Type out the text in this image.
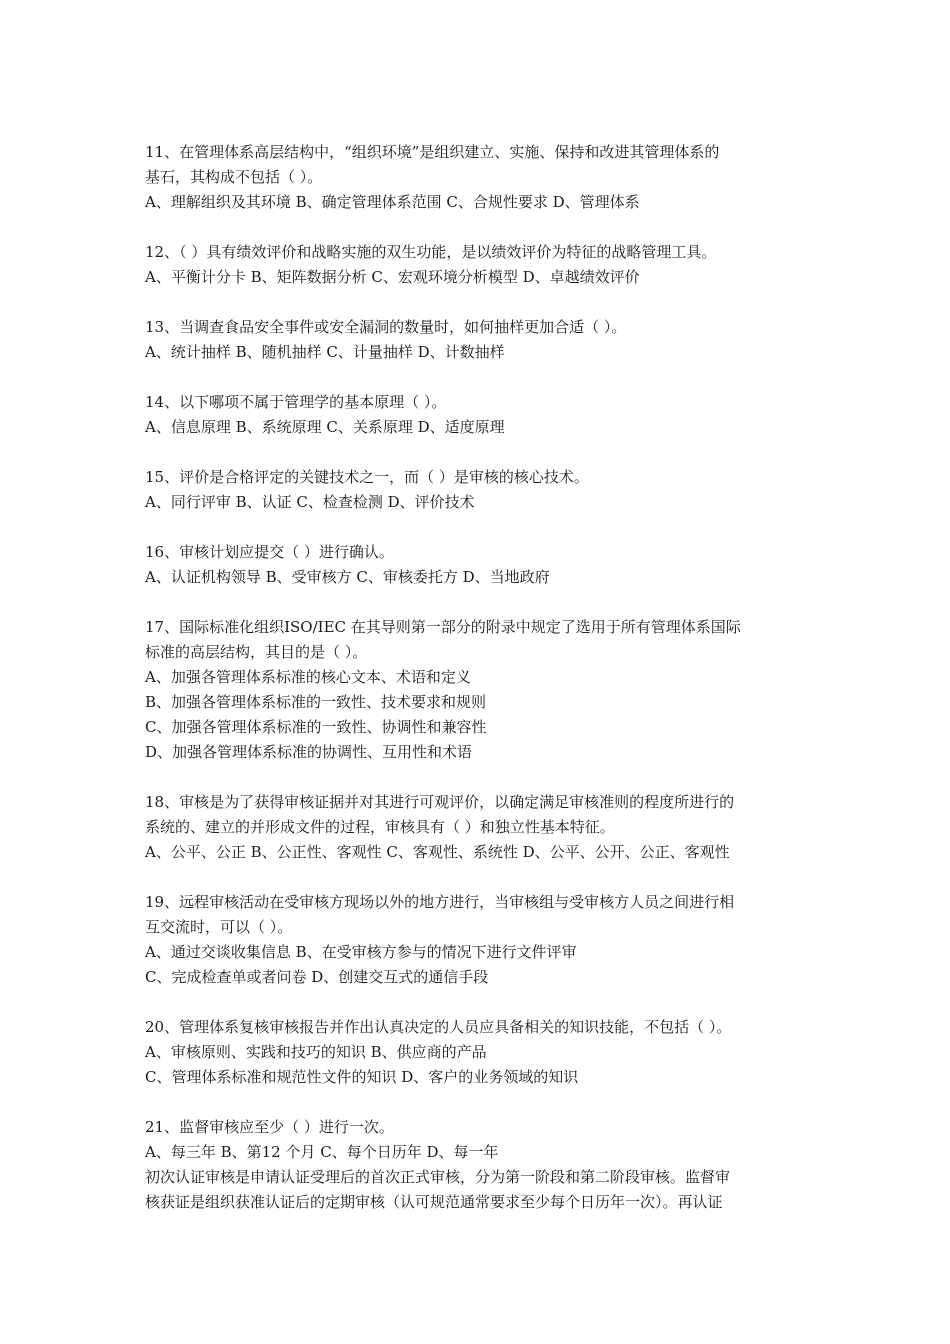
11、在管理体系高层结构中，“组织环境”是组织建立、实施、保持和改进其管理体系的
基石，其构成不包括（ ）。
A、理解组织及其环境 B、确定管理体系范围 C、合规性要求 D、管理体系
12、（ ）具有绩效评价和战略实施的双生功能，是以绩效评价为特征的战略管理工具。
A、平衡计分卡 B、矩阵数据分析 C、宏观环境分析模型 D、卓越绩效评价
13、当调查食品安全事件或安全漏洞的数量时，如何抽样更加合适（ ）。
A、统计抽样 B、随机抽样 C、计量抽样 D、计数抽样
14、以下哪项不属于管理学的基本原理（ ）。
A、信息原理 B、系统原理 C、关系原理 D、适度原理
15、评价是合格评定的关键技术之一，而（ ）是审核的核心技术。
A、同行评审 B、认证 C、检查检测 D、评价技术
16、审核计划应提交（ ）进行确认。
A、认证机构领导 B、受审核方 C、审核委托方 D、当地政府
17、国际标准化组织ISO/IEC 在其导则第一部分的附录中规定了选用于所有管理体系国际
标准的高层结构，其目的是（ ）。
A、加强各管理体系标准的核心文本、术语和定义
B、加强各管理体系标准的一致性、技术要求和规则
C、加强各管理体系标准的一致性、协调性和兼容性
D、加强各管理体系标准的协调性、互用性和术语
18、审核是为了获得审核证据并对其进行可观评价，以确定满足审核准则的程度所进行的
系统的、建立的并形成文件的过程，审核具有（ ）和独立性基本特征。
A、公平、公正 B、公正性、客观性 C、客观性、系统性 D、公平、公开、公正、客观性
19、远程审核活动在受审核方现场以外的地方进行，当审核组与受审核方人员之间进行相
互交流时，可以（ ）。
A、通过交谈收集信息 B、在受审核方参与的情况下进行文件评审
C、完成检查单或者问卷 D、创建交互式的通信手段
20、管理体系复核审核报告并作出认真决定的人员应具备相关的知识技能，不包括（ ）。
A、审核原则、实践和技巧的知识 B、供应商的产品
C、管理体系标准和规范性文件的知识 D、客户的业务领域的知识
21、监督审核应至少（ ）进行一次。
A、每三年 B、第12 个月 C、每个日历年 D、每一年
初次认证审核是申请认证受理后的首次正式审核，分为第一阶段和第二阶段审核。监督审
核获证是组织获准认证后的定期审核（认可规范通常要求至少每个日历年一次）。再认证
